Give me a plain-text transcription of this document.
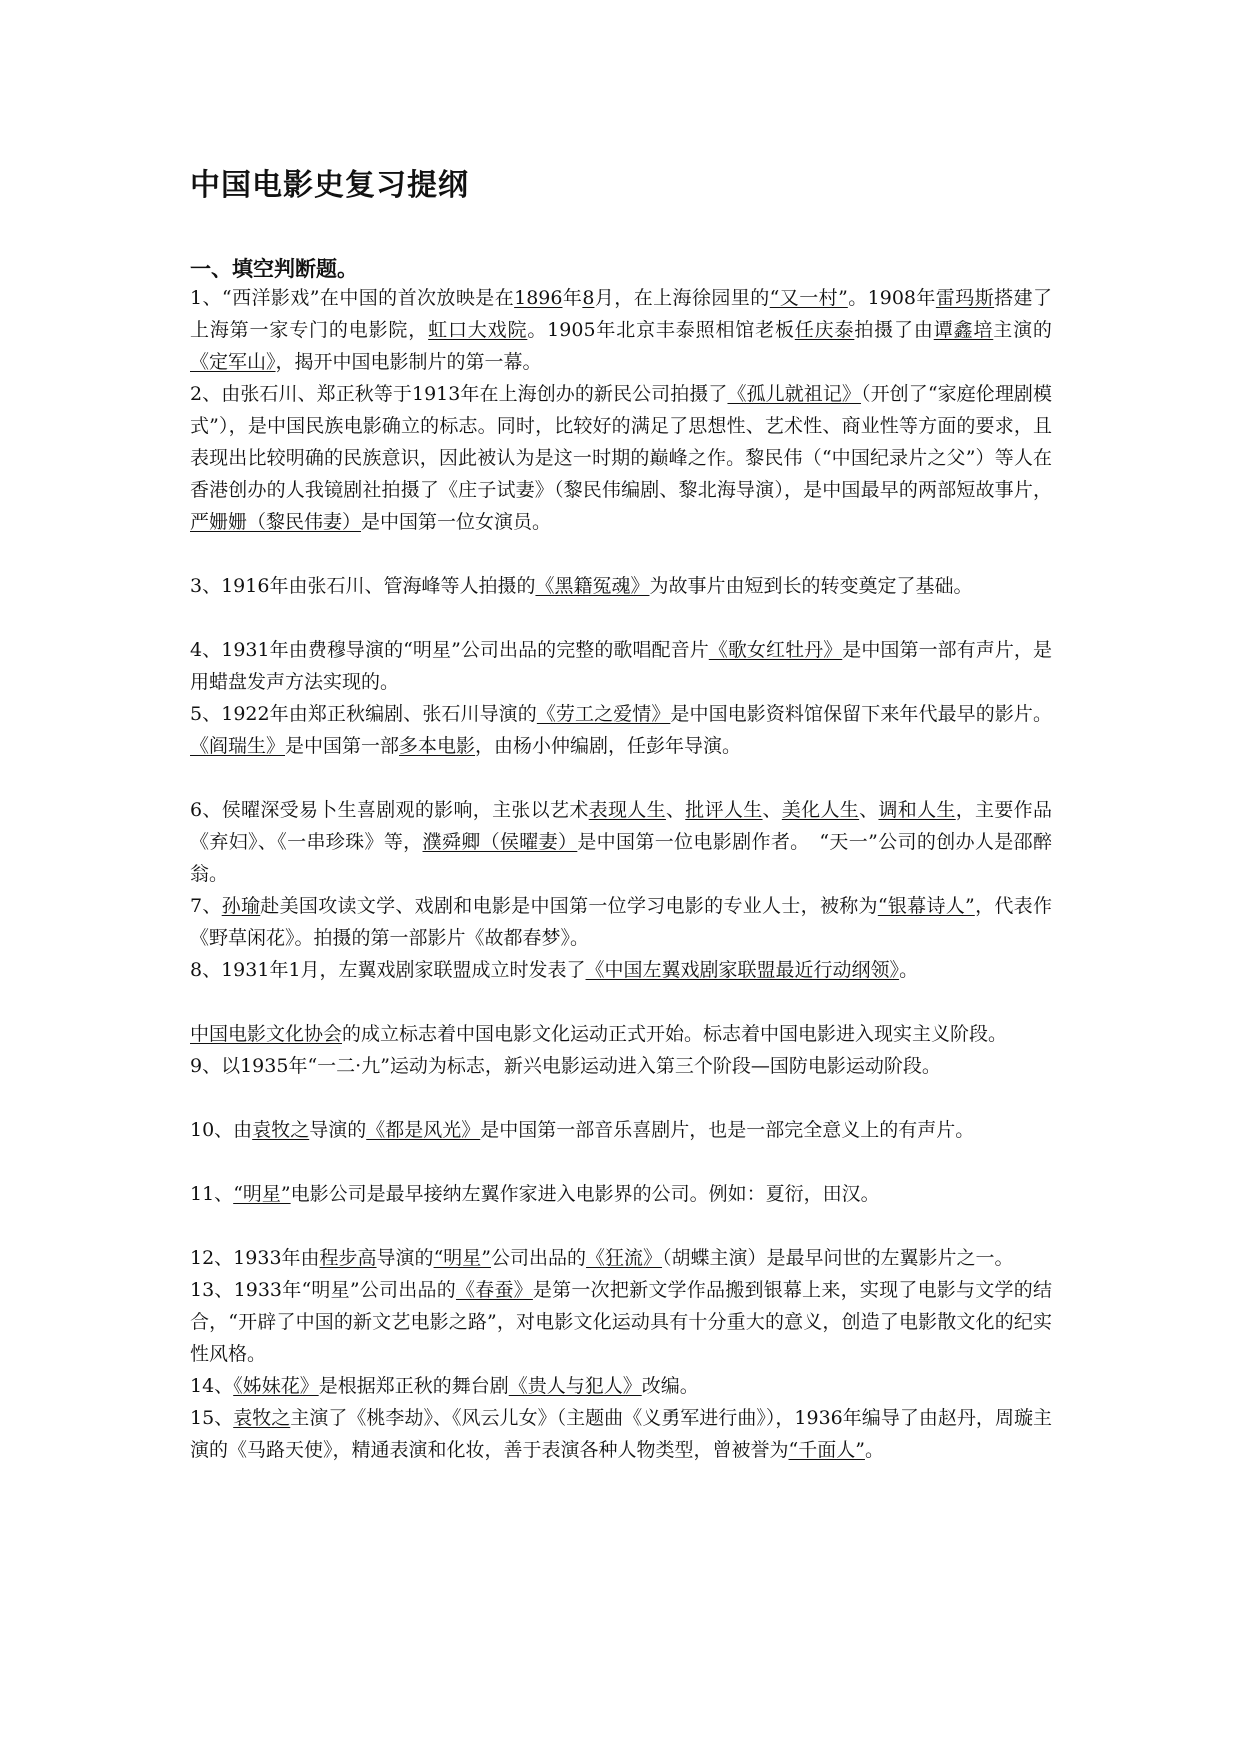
中国电影史复习提纲
一、填空判断题。

1、“西洋影戏”在中国的首次放映是在1896年8月，在上海徐园里的“又一村”。1908年雷玛斯搭建了上海第一家专门的电影院，虹口大戏院。1905年北京丰泰照相馆老板任庆泰拍摄了由谭鑫培主演的《定军山》，揭开中国电影制片的第一幕。

2、由张石川、郑正秋等于1913年在上海创办的新民公司拍摄了《孤儿就祖记》（开创了“家庭伦理剧模式”），是中国民族电影确立的标志。同时，比较好的满足了思想性、艺术性、商业性等方面的要求，且表现出比较明确的民族意识，因此被认为是这一时期的巅峰之作。黎民伟（“中国纪录片之父”）等人在香港创办的人我镜剧社拍摄了《庄子试妻》（黎民伟编剧、黎北海导演），是中国最早的两部短故事片，严姗姗（黎民伟妻）是中国第一位女演员。

3、1916年由张石川、管海峰等人拍摄的《黑籍冤魂》为故事片由短到长的转变奠定了基础。

4、1931年由费穆导演的“明星”公司出品的完整的歌唱配音片《歌女红牡丹》是中国第一部有声片，是用蜡盘发声方法实现的。

5、1922年由郑正秋编剧、张石川导演的《劳工之爱情》是中国电影资料馆保留下来年代最早的影片。《阎瑞生》是中国第一部多本电影，由杨小仲编剧，任彭年导演。

6、侯曜深受易卜生喜剧观的影响，主张以艺术表现人生、批评人生、美化人生、调和人生，主要作品《弃妇》、《一串珍珠》等，濮舜卿（侯曜妻）是中国第一位电影剧作者。　“天一”公司的创办人是邵醉翁。

7、孙瑜赴美国攻读文学、戏剧和电影是中国第一位学习电影的专业人士，被称为“银幕诗人”，代表作《野草闲花》。拍摄的第一部影片《故都春梦》。

8、1931年1月，左翼戏剧家联盟成立时发表了《中国左翼戏剧家联盟最近行动纲领》。

中国电影文化协会的成立标志着中国电影文化运动正式开始。标志着中国电影进入现实主义阶段。

9、以1935年“一二·九”运动为标志，新兴电影运动进入第三个阶段—国防电影运动阶段。

10、由袁牧之导演的《都是风光》是中国第一部音乐喜剧片，也是一部完全意义上的有声片。

11、“明星”电影公司是最早接纳左翼作家进入电影界的公司。例如：夏衍，田汉。

12、1933年由程步高导演的“明星”公司出品的《狂流》（胡蝶主演）是最早问世的左翼影片之一。

13、1933年“明星”公司出品的《春蚕》是第一次把新文学作品搬到银幕上来，实现了电影与文学的结合，“开辟了中国的新文艺电影之路”，对电影文化运动具有十分重大的意义，创造了电影散文化的纪实性风格。

14、《姊妹花》是根据郑正秋的舞台剧《贵人与犯人》改编。

15、袁牧之主演了《桃李劫》、《风云儿女》（主题曲《义勇军进行曲》），1936年编导了由赵丹，周璇主演的《马路天使》，精通表演和化妆，善于表演各种人物类型，曾被誉为“千面人”。
